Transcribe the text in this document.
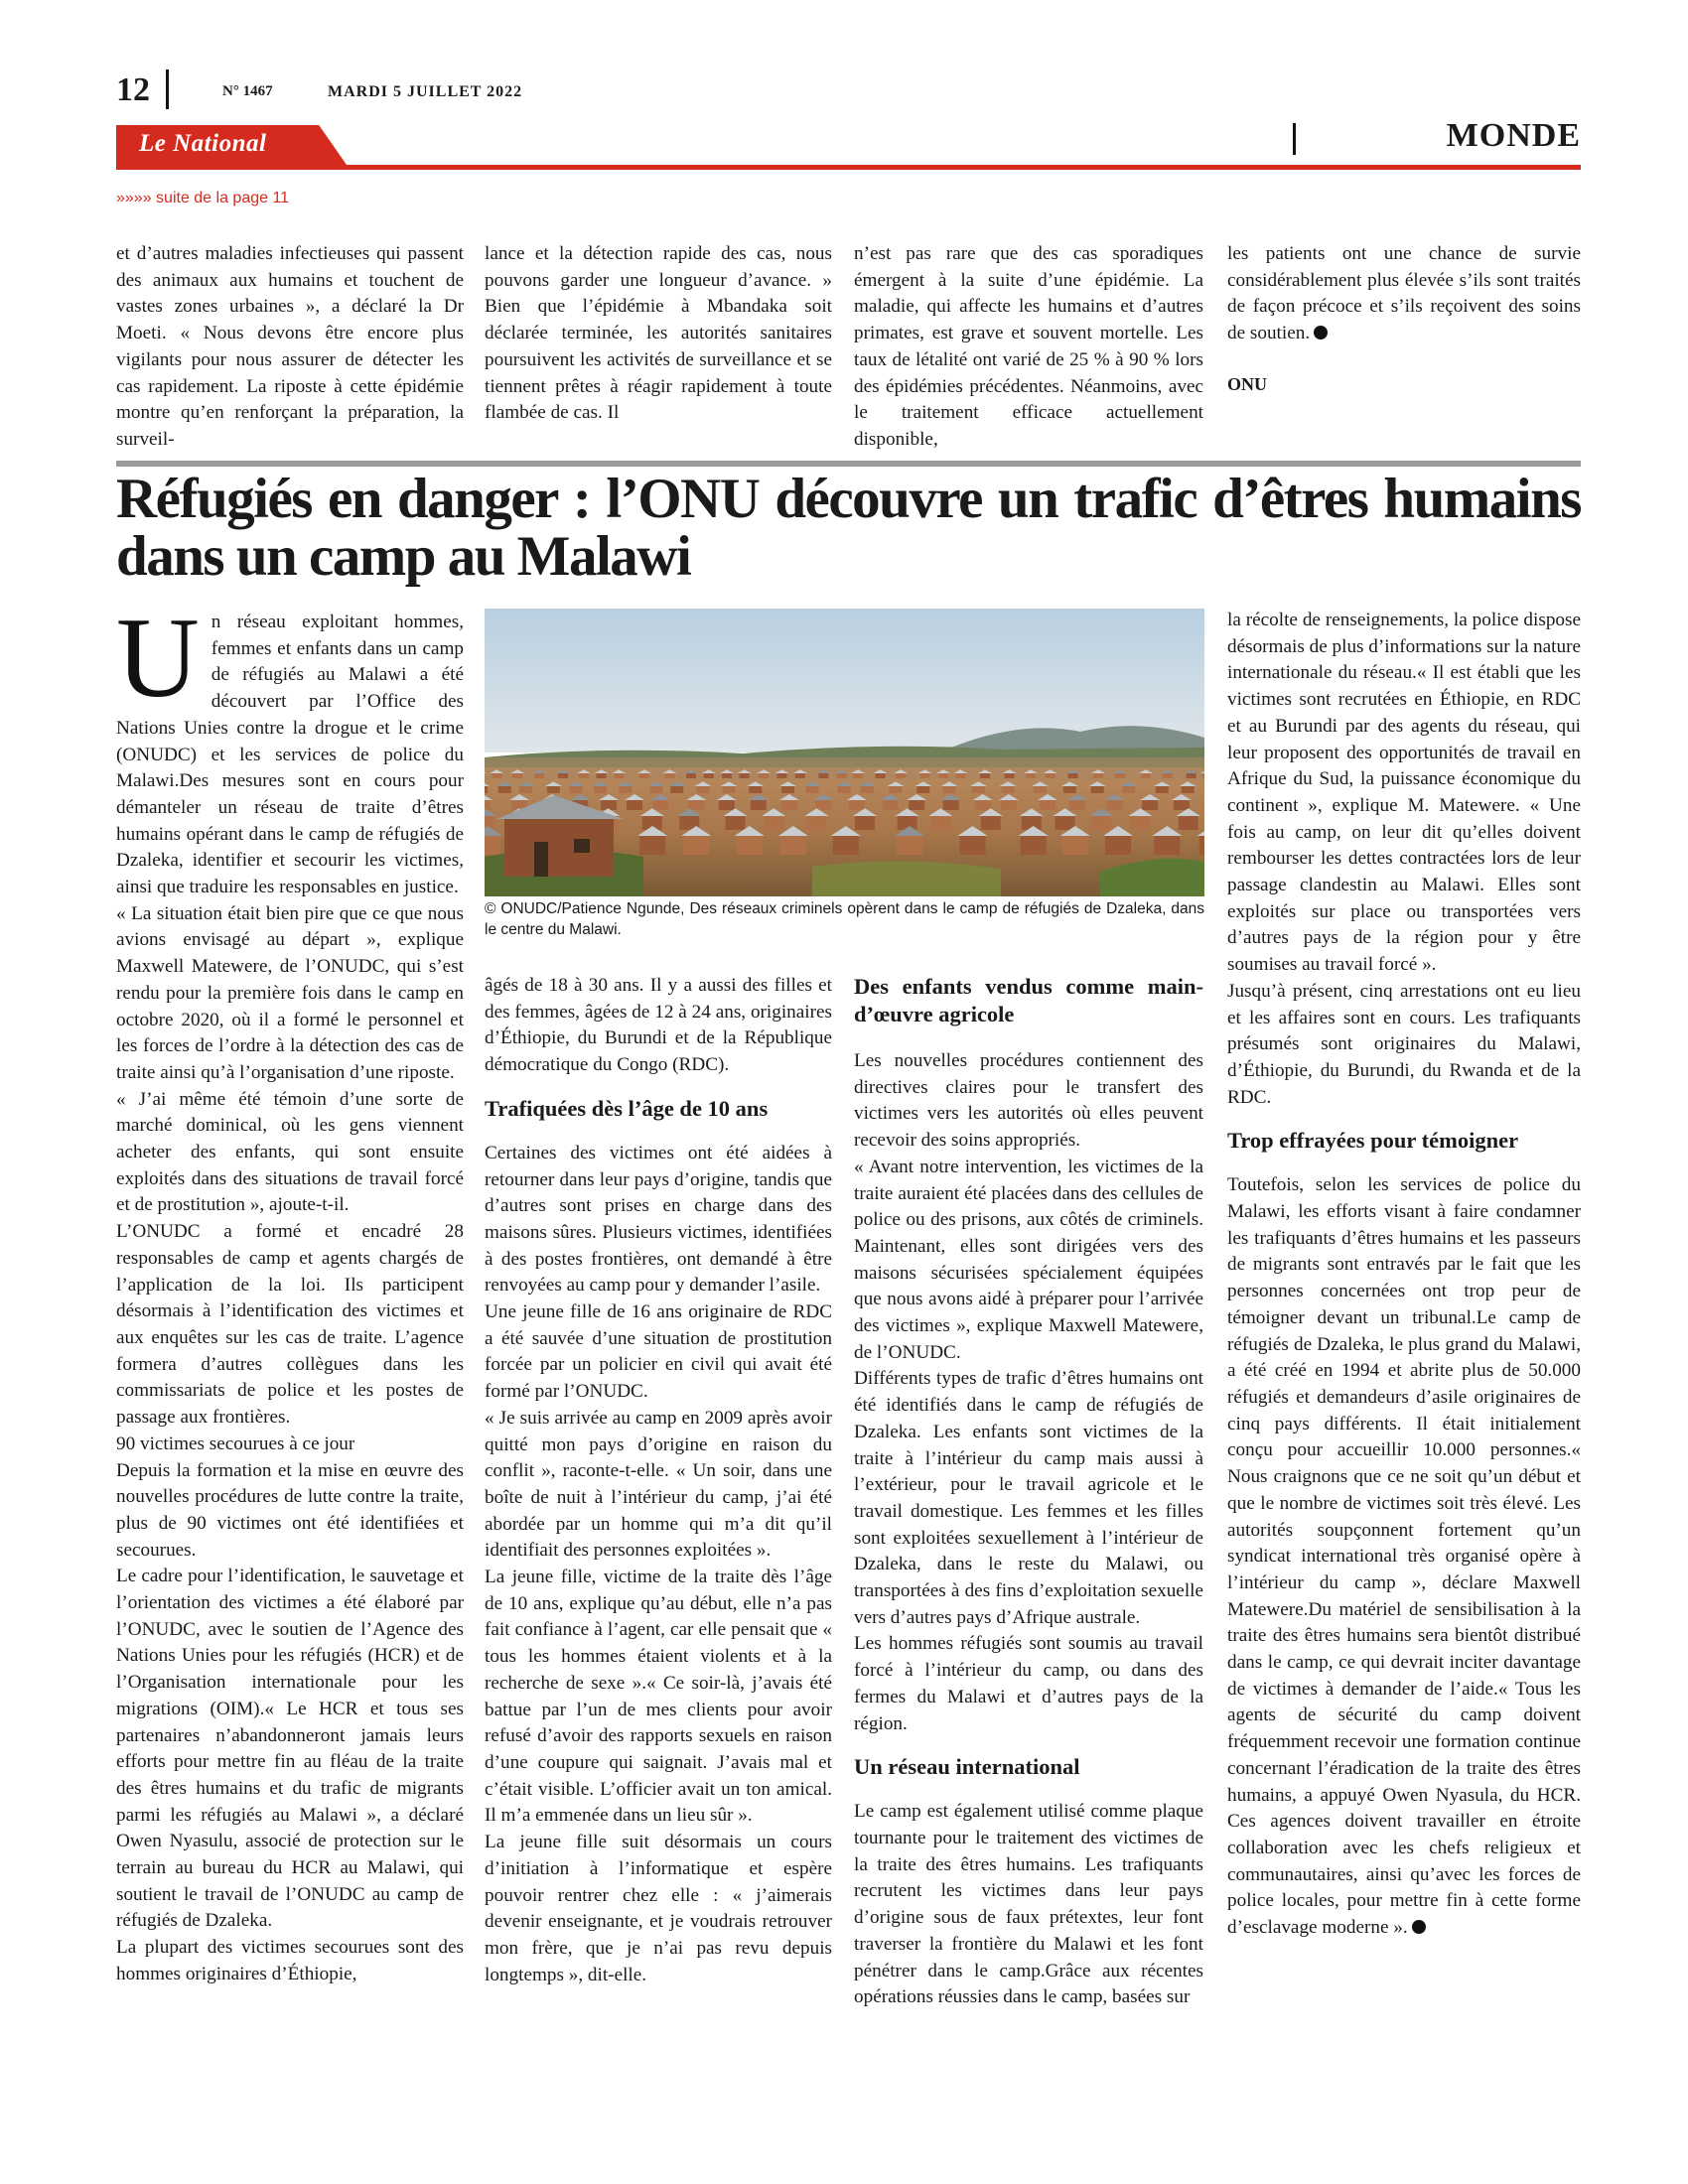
12	N° 1467	MARDI 5 JUILLET 2022
Le National	MONDE
»»»» suite de la page 11

et d’autres maladies infectieuses qui passent des animaux aux humains et touchent de vastes zones urbaines », a déclaré la Dr Moeti. « Nous devons être encore plus vigilants pour nous assurer de détecter les cas rapidement. La riposte à cette épidémie montre qu’en renforçant la préparation, la surveil-

lance et la détection rapide des cas, nous pouvons garder une longueur d’avance. » Bien que l’épidémie à Mbandaka soit déclarée terminée, les autorités sanitaires poursuivent les activités de surveillance et se tiennent prêtes à réagir rapidement à toute flambée de cas. Il

n’est pas rare que des cas sporadiques émergent à la suite d’une épidémie. La maladie, qui affecte les humains et d’autres primates, est grave et souvent mortelle. Les taux de létalité ont varié de 25 % à 90 % lors des épidémies précédentes. Néanmoins, avec le traitement efficace actuellement disponible,

les patients ont une chance de survie considérablement plus élevée s’ils sont traités de façon précoce et s’ils reçoivent des soins de soutien.

ONU

Réfugiés en danger : l’ONU découvre un trafic d’êtres humains dans un camp au Malawi

Un réseau exploitant hommes, femmes et enfants dans un camp de réfugiés au Malawi a été découvert par l’Office des Nations Unies contre la drogue et le crime (ONUDC) et les services de police du Malawi.Des mesures sont en cours pour démanteler un réseau de traite d’êtres humains opérant dans le camp de réfugiés de Dzaleka, identifier et secourir les victimes, ainsi que traduire les responsables en justice.

« La situation était bien pire que ce que nous avions envisagé au départ », explique Maxwell Matewere, de l’ONUDC, qui s’est rendu pour la première fois dans le camp en octobre 2020, où il a formé le personnel et les forces de l’ordre à la détection des cas de traite ainsi qu’à l’organisation d’une riposte.

« J’ai même été témoin d’une sorte de marché dominical, où les gens viennent acheter des enfants, qui sont ensuite exploités dans des situations de travail forcé et de prostitution », ajoute-t-il.

L’ONUDC a formé et encadré 28 responsables de camp et agents chargés de l’application de la loi. Ils participent désormais à l’identification des victimes et aux enquêtes sur les cas de traite. L’agence formera d’autres collègues dans les commissariats de police et les postes de passage aux frontières.

90 victimes secourues à ce jour

Depuis la formation et la mise en œuvre des nouvelles procédures de lutte contre la traite, plus de 90 victimes ont été identifiées et secourues.

Le cadre pour l’identification, le sauvetage et l’orientation des victimes a été élaboré par l’ONUDC, avec le soutien de l’Agence des Nations Unies pour les réfugiés (HCR) et de l’Organisation internationale pour les migrations (OIM).« Le HCR et tous ses partenaires n’abandonneront jamais leurs efforts pour mettre fin au fléau de la traite des êtres humains et du trafic de migrants parmi les réfugiés au Malawi », a déclaré Owen Nyasulu, associé de protection sur le terrain au bureau du HCR au Malawi, qui soutient le travail de l’ONUDC au camp de réfugiés de Dzaleka.

La plupart des victimes secourues sont des hommes originaires d’Éthiopie,

© ONUDC/Patience Ngunde, Des réseaux criminels opèrent dans le camp de réfugiés de Dzaleka, dans le centre du Malawi.

âgés de 18 à 30 ans. Il y a aussi des filles et des femmes, âgées de 12 à 24 ans, originaires d’Éthiopie, du Burundi et de la République démocratique du Congo (RDC).

Trafiquées dès l’âge de 10 ans

Certaines des victimes ont été aidées à retourner dans leur pays d’origine, tandis que d’autres sont prises en charge dans des maisons sûres. Plusieurs victimes, identifiées à des postes frontières, ont demandé à être renvoyées au camp pour y demander l’asile.

Une jeune fille de 16 ans originaire de RDC a été sauvée d’une situation de prostitution forcée par un policier en civil qui avait été formé par l’ONUDC.

« Je suis arrivée au camp en 2009 après avoir quitté mon pays d’origine en raison du conflit », raconte-t-elle. « Un soir, dans une boîte de nuit à l’intérieur du camp, j’ai été abordée par un homme qui m’a dit qu’il identifiait des personnes exploitées ».

La jeune fille, victime de la traite dès l’âge de 10 ans, explique qu’au début, elle n’a pas fait confiance à l’agent, car elle pensait que « tous les hommes étaient violents et à la recherche de sexe ».« Ce soir-là, j’avais été battue par l’un de mes clients pour avoir refusé d’avoir des rapports sexuels en raison d’une coupure qui saignait. J’avais mal et c’était visible. L’officier avait un ton amical. Il m’a emmenée dans un lieu sûr ».

La jeune fille suit désormais un cours d’initiation à l’informatique et espère pouvoir rentrer chez elle : « j’aimerais devenir enseignante, et je voudrais retrouver mon frère, que je n’ai pas revu depuis longtemps », dit-elle.

Des enfants vendus comme main-d’œuvre agricole

Les nouvelles procédures contiennent des directives claires pour le transfert des victimes vers les autorités où elles peuvent recevoir des soins appropriés.

« Avant notre intervention, les victimes de la traite auraient été placées dans des cellules de police ou des prisons, aux côtés de criminels. Maintenant, elles sont dirigées vers des maisons sécurisées spécialement équipées que nous avons aidé à préparer pour l’arrivée des victimes », explique Maxwell Matewere, de l’ONUDC.

Différents types de trafic d’êtres humains ont été identifiés dans le camp de réfugiés de Dzaleka. Les enfants sont victimes de la traite à l’intérieur du camp mais aussi à l’extérieur, pour le travail agricole et le travail domestique. Les femmes et les filles sont exploitées sexuellement à l’intérieur de Dzaleka, dans le reste du Malawi, ou transportées à des fins d’exploitation sexuelle vers d’autres pays d’Afrique australe.

Les hommes réfugiés sont soumis au travail forcé à l’intérieur du camp, ou dans des fermes du Malawi et d’autres pays de la région.

Un réseau international

Le camp est également utilisé comme plaque tournante pour le traitement des victimes de la traite des êtres humains. Les trafiquants recrutent les victimes dans leur pays d’origine sous de faux prétextes, leur font traverser la frontière du Malawi et les font pénétrer dans le camp.Grâce aux récentes opérations réussies dans le camp, basées sur

la récolte de renseignements, la police dispose désormais de plus d’informations sur la nature internationale du réseau.« Il est établi que les victimes sont recrutées en Éthiopie, en RDC et au Burundi par des agents du réseau, qui leur proposent des opportunités de travail en Afrique du Sud, la puissance économique du continent », explique M. Matewere. « Une fois au camp, on leur dit qu’elles doivent rembourser les dettes contractées lors de leur passage clandestin au Malawi. Elles sont exploités sur place ou transportées vers d’autres pays de la région pour y être soumises au travail forcé ».

Jusqu’à présent, cinq arrestations ont eu lieu et les affaires sont en cours. Les trafiquants présumés sont originaires du Malawi, d’Éthiopie, du Burundi, du Rwanda et de la RDC.

Trop effrayées pour témoigner

Toutefois, selon les services de police du Malawi, les efforts visant à faire condamner les trafiquants d’êtres humains et les passeurs de migrants sont entravés par le fait que les personnes concernées ont trop peur de témoigner devant un tribunal.Le camp de réfugiés de Dzaleka, le plus grand du Malawi, a été créé en 1994 et abrite plus de 50.000 réfugiés et demandeurs d’asile originaires de cinq pays différents. Il était initialement conçu pour accueillir 10.000 personnes.« Nous craignons que ce ne soit qu’un début et que le nombre de victimes soit très élevé. Les autorités soupçonnent fortement qu’un syndicat international très organisé opère à l’intérieur du camp », déclare Maxwell Matewere.Du matériel de sensibilisation à la traite des êtres humains sera bientôt distribué dans le camp, ce qui devrait inciter davantage de victimes à demander de l’aide.« Tous les agents de sécurité du camp doivent fréquemment recevoir une formation continue concernant l’éradication de la traite des êtres humains, a appuyé Owen Nyasula, du HCR. Ces agences doivent travailler en étroite collaboration avec les chefs religieux et communautaires, ainsi qu’avec les forces de police locales, pour mettre fin à cette forme d’esclavage moderne ».
